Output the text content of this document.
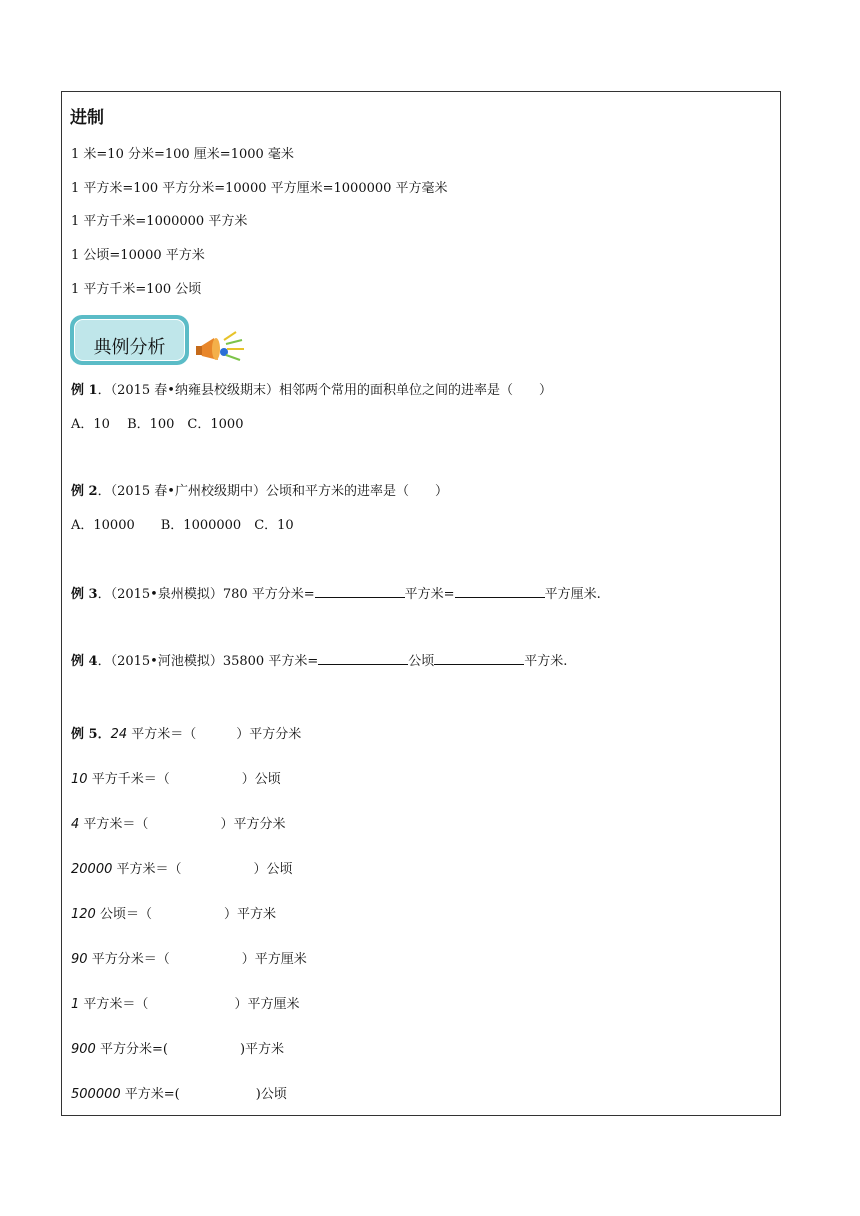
进制
1 米=10 分米=100 厘米=1000 毫米
1 平方米=100 平方分米=10000 平方厘米=1000000 平方毫米
1 平方千米=1000000 平方米
1 公顷=10000 平方米
1 平方千米=100 公顷
典例分析
例 1．（2015 春•纳雍县校级期末）相邻两个常用的面积单位之间的进率是（　　）
A．10　 B．100　C．1000
例 2．（2015 春•广州校级期中）公顷和平方米的进率是（　　）
A．10000　　B．1000000　C．10
例 3．（2015•泉州模拟）780 平方分米=	平方米=	平方厘米.
例 4．（2015•河池模拟）35800 平方米=	公顷	平方米.
例 5．24 平方米＝（	）平方分米
10 平方千米＝（	）公顷
4 平方米＝（	）平方分米
20000 平方米＝（	）公顷
120 公顷＝（	）平方米
90 平方分米＝（	）平方厘米
1 平方米＝（	）平方厘米
900 平方分米=(	)平方米
500000 平方米=(	)公顷
